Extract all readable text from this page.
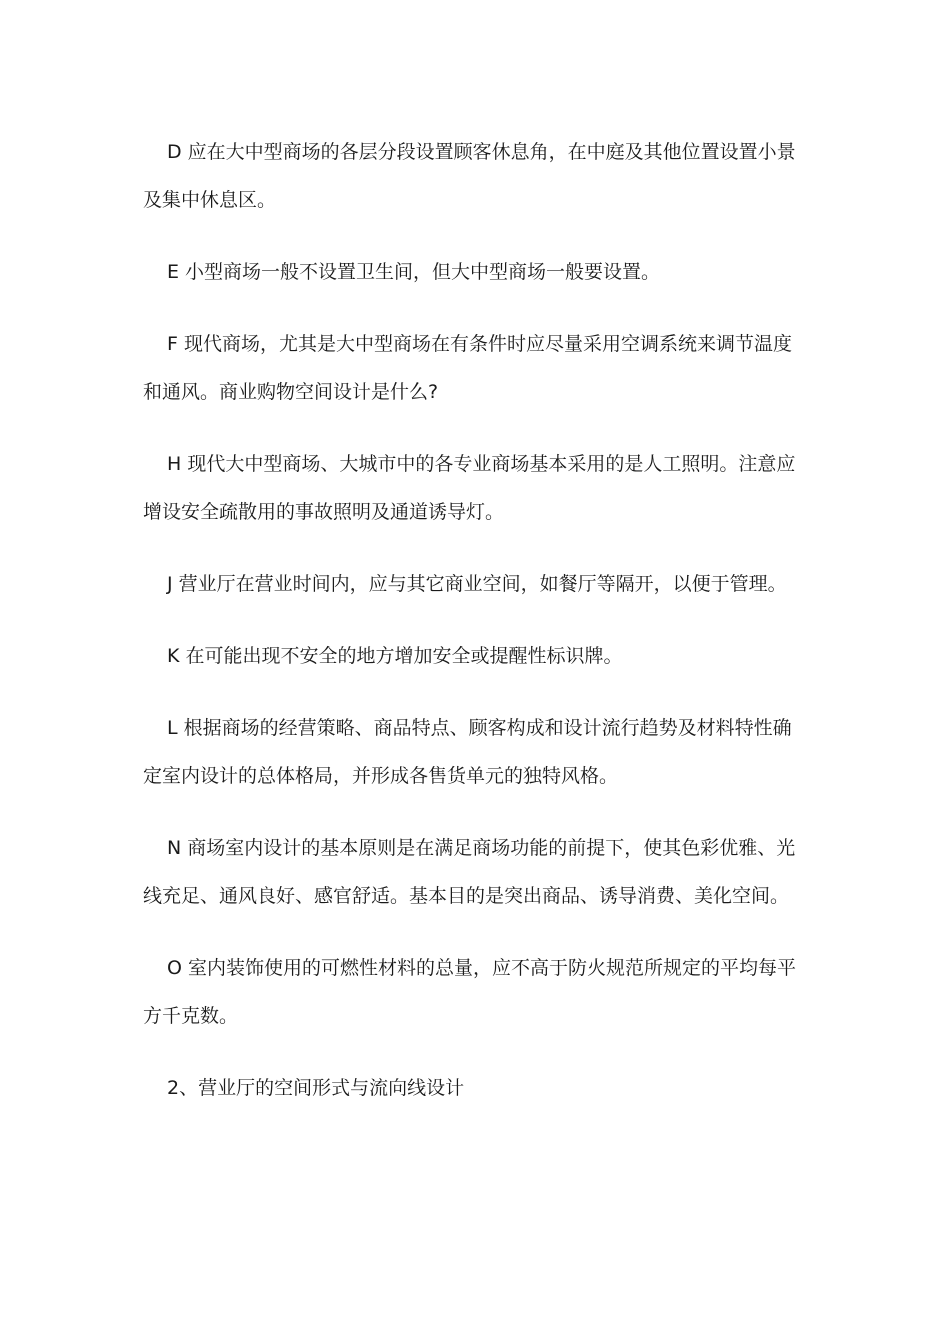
D 应在大中型商场的各层分段设置顾客休息角，在中庭及其他位置设置小景及集中休息区。

E 小型商场一般不设置卫生间，但大中型商场一般要设置。

F 现代商场，尤其是大中型商场在有条件时应尽量采用空调系统来调节温度和通风。商业购物空间设计是什么?

H 现代大中型商场、大城市中的各专业商场基本采用的是人工照明。注意应增设安全疏散用的事故照明及通道诱导灯。

J 营业厅在营业时间内，应与其它商业空间，如餐厅等隔开，以便于管理。

K 在可能出现不安全的地方增加安全或提醒性标识牌。

L 根据商场的经营策略、商品特点、顾客构成和设计流行趋势及材料特性确定室内设计的总体格局，并形成各售货单元的独特风格。

N 商场室内设计的基本原则是在满足商场功能的前提下，使其色彩优雅、光线充足、通风良好、感官舒适。基本目的是突出商品、诱导消费、美化空间。

O 室内装饰使用的可燃性材料的总量，应不高于防火规范所规定的平均每平方千克数。

2、营业厅的空间形式与流向线设计
